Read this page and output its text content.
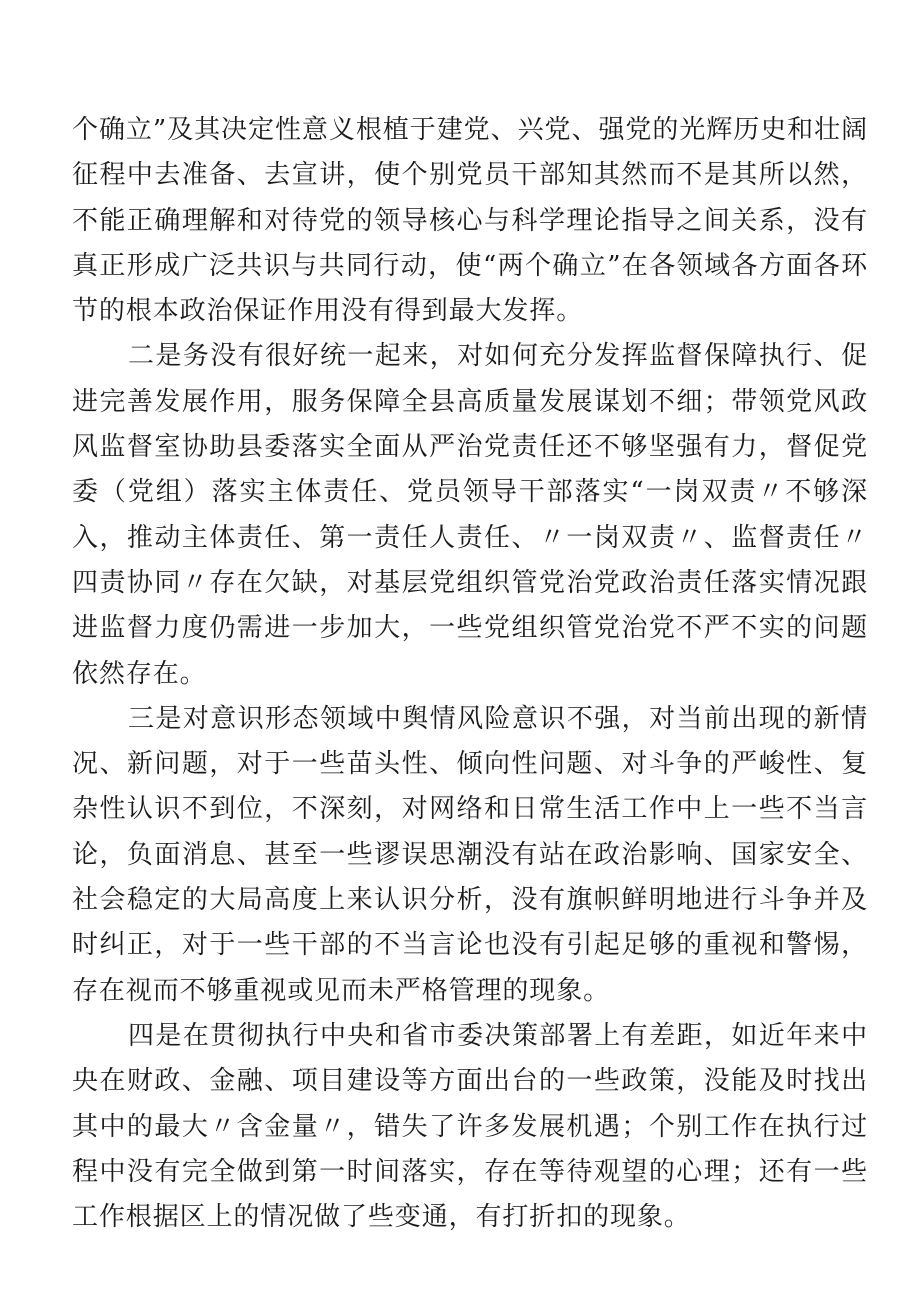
个确立”及其决定性意义根植于建党、兴党、强党的光辉历史和壮阔征程中去准备、去宣讲，使个别党员干部知其然而不是其所以然，不能正确理解和对待党的领导核心与科学理论指导之间关系，没有真正形成广泛共识与共同行动，使“两个确立”在各领域各方面各环节的根本政治保证作用没有得到最大发挥。

二是务没有很好统一起来，对如何充分发挥监督保障执行、促进完善发展作用，服务保障全县高质量发展谋划不细；带领党风政风监督室协助县委落实全面从严治党责任还不够坚强有力，督促党委（党组）落实主体责任、党员领导干部落实“一岗双责〃不够深入，推动主体责任、第一责任人责任、〃一岗双责〃、监督责任〃四责协同〃存在欠缺，对基层党组织管党治党政治责任落实情况跟进监督力度仍需进一步加大，一些党组织管党治党不严不实的问题依然存在。

三是对意识形态领域中舆情风险意识不强，对当前出现的新情况、新问题，对于一些苗头性、倾向性问题、对斗争的严峻性、复杂性认识不到位，不深刻，对网络和日常生活工作中上一些不当言论，负面消息、甚至一些谬误思潮没有站在政治影响、国家安全、社会稳定的大局高度上来认识分析，没有旗帜鲜明地进行斗争并及时纠正，对于一些干部的不当言论也没有引起足够的重视和警惕，存在视而不够重视或见而未严格管理的现象。

四是在贯彻执行中央和省市委决策部署上有差距，如近年来中央在财政、金融、项目建设等方面出台的一些政策，没能及时找出其中的最大〃含金量〃，错失了许多发展机遇；个别工作在执行过程中没有完全做到第一时间落实，存在等待观望的心理；还有一些工作根据区上的情况做了些变通，有打折扣的现象。
